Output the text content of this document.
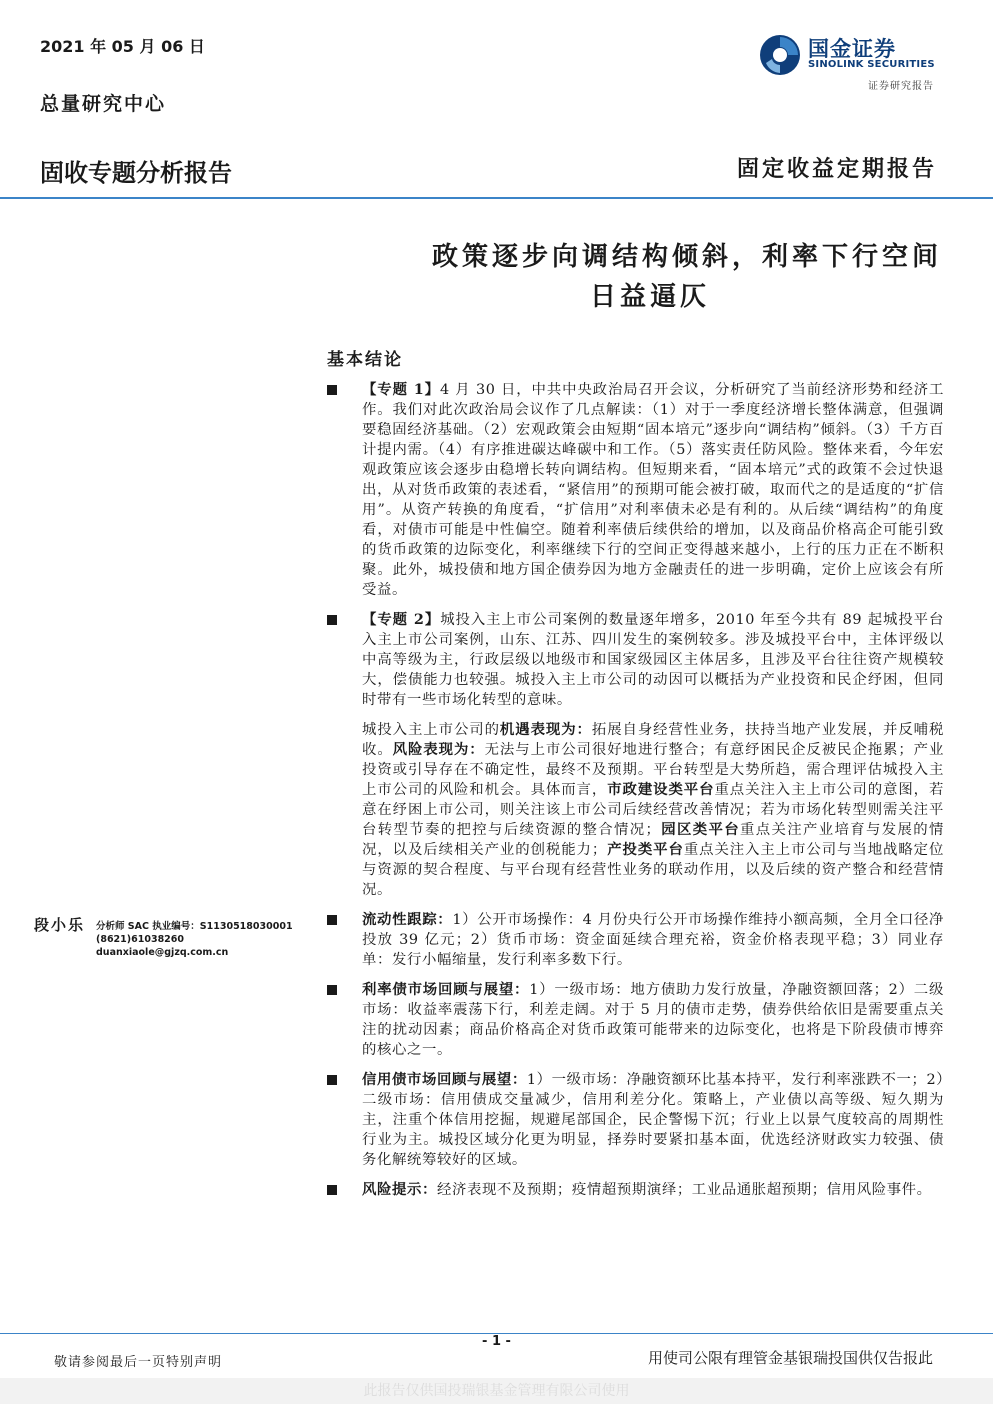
2021 年 05 月 06 日
总量研究中心
国金证券
SINOLINK SECURITIES
证券研究报告
固收专题分析报告	固定收益定期报告
政策逐步向调结构倾斜，利率下行空间
日益逼仄
基本结论
【专题 1】4 月 30 日，中共中央政治局召开会议，分析研究了当前经济形势和经济工作。我们对此次政治局会议作了几点解读：（1）对于一季度经济增长整体满意，但强调要稳固经济基础。（2）宏观政策会由短期“固本培元”逐步向“调结构”倾斜。（3）千方百计提内需。（4）有序推进碳达峰碳中和工作。（5）落实责任防风险。整体来看，今年宏观政策应该会逐步由稳增长转向调结构。但短期来看，“固本培元”式的政策不会过快退出，从对货币政策的表述看，“紧信用”的预期可能会被打破，取而代之的是适度的“扩信用”。从资产转换的角度看，“扩信用”对利率债未必是有利的。从后续“调结构”的角度看，对债市可能是中性偏空。随着利率债后续供给的增加，以及商品价格高企可能引致的货币政策的边际变化，利率继续下行的空间正变得越来越小，上行的压力正在不断积聚。此外，城投债和地方国企债券因为地方金融责任的进一步明确，定价上应该会有所受益。
【专题 2】城投入主上市公司案例的数量逐年增多，2010 年至今共有 89 起城投平台入主上市公司案例，山东、江苏、四川发生的案例较多。涉及城投平台中，主体评级以中高等级为主，行政层级以地级市和国家级园区主体居多，且涉及平台往往资产规模较大，偿债能力也较强。城投入主上市公司的动因可以概括为产业投资和民企纾困，但同时带有一些市场化转型的意味。
城投入主上市公司的机遇表现为：拓展自身经营性业务，扶持当地产业发展，并反哺税收。风险表现为：无法与上市公司很好地进行整合；有意纾困民企反被民企拖累；产业投资或引导存在不确定性，最终不及预期。平台转型是大势所趋，需合理评估城投入主上市公司的风险和机会。具体而言，市政建设类平台重点关注入主上市公司的意图，若意在纾困上市公司，则关注该上市公司后续经营改善情况；若为市场化转型则需关注平台转型节奏的把控与后续资源的整合情况；园区类平台重点关注产业培育与发展的情况，以及后续相关产业的创税能力；产投类平台重点关注入主上市公司与当地战略定位与资源的契合程度、与平台现有经营性业务的联动作用，以及后续的资产整合和经营情况。
流动性跟踪：1）公开市场操作：4 月份央行公开市场操作维持小额高频，全月全口径净投放 39 亿元；2）货币市场：资金面延续合理充裕，资金价格表现平稳；3）同业存单：发行小幅缩量，发行利率多数下行。
利率债市场回顾与展望：1）一级市场：地方债助力发行放量，净融资额回落；2）二级市场：收益率震荡下行，利差走阔。对于 5 月的债市走势，债券供给依旧是需要重点关注的扰动因素；商品价格高企对货币政策可能带来的边际变化，也将是下阶段债市博弈的核心之一。
信用债市场回顾与展望：1）一级市场：净融资额环比基本持平，发行利率涨跌不一；2）二级市场：信用债成交量减少，信用利差分化。策略上，产业债以高等级、短久期为主，注重个体信用挖掘，规避尾部国企，民企警惕下沉；行业上以景气度较高的周期性行业为主。城投区域分化更为明显，择券时要紧扣基本面，优选经济财政实力较强、债务化解统筹较好的区域。
风险提示：经济表现不及预期；疫情超预期演绎；工业品通胀超预期；信用风险事件。
段小乐 分析师 SAC 执业编号：S1130518030001
(8621)61038260
duanxiaole@gjzq.com.cn
- 1 -
敬请参阅最后一页特别声明	用使司公限有理管金基银瑞投国供仅告报此
此报告仅供国投瑞银基金管理有限公司使用
